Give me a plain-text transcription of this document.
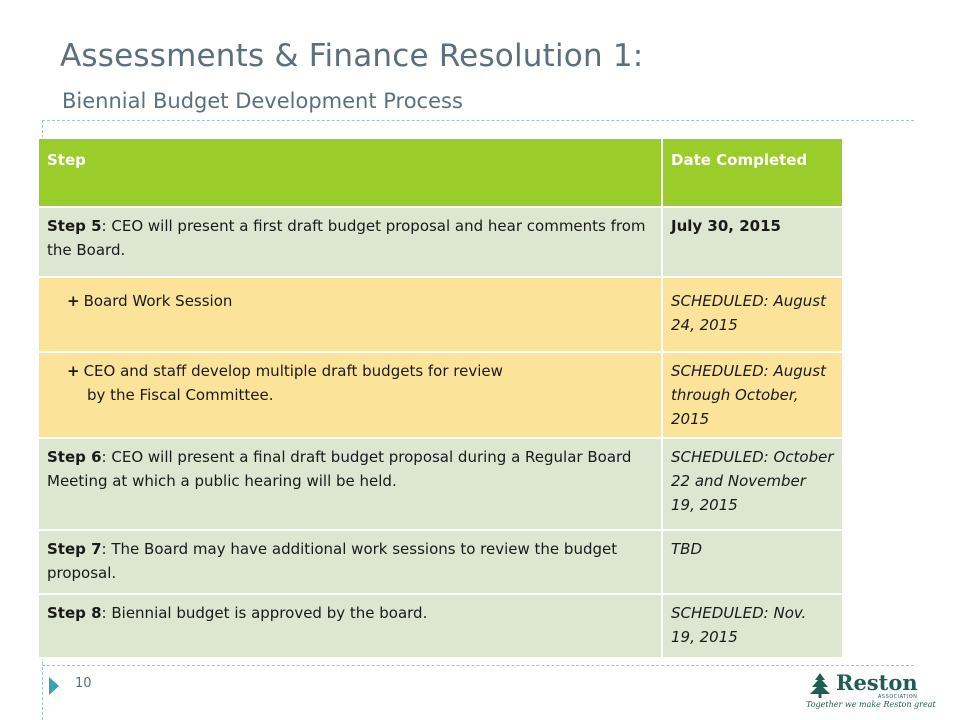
Assessments & Finance Resolution 1:
Biennial Budget Development Process
Step	Date Completed
Step 5: CEO will present a first draft budget proposal and hear comments from the Board.	July 30, 2015

+ Board Work Session	SCHEDULED: August 24, 2015

+ CEO and staff develop multiple draft budgets for review
by the Fiscal Committee.	SCHEDULED: August through October, 2015
Step 6: CEO will present a final draft budget proposal during a Regular Board Meeting at which a public hearing will be held.	SCHEDULED: October 22 and November 19, 2015
Step 7: The Board may have additional work sessions to review the budget proposal.	TBD
Step 8: Biennial budget is approved by the board.	SCHEDULED: Nov. 19, 2015
10	Reston
ASSOCIATION
Together we make Reston great
